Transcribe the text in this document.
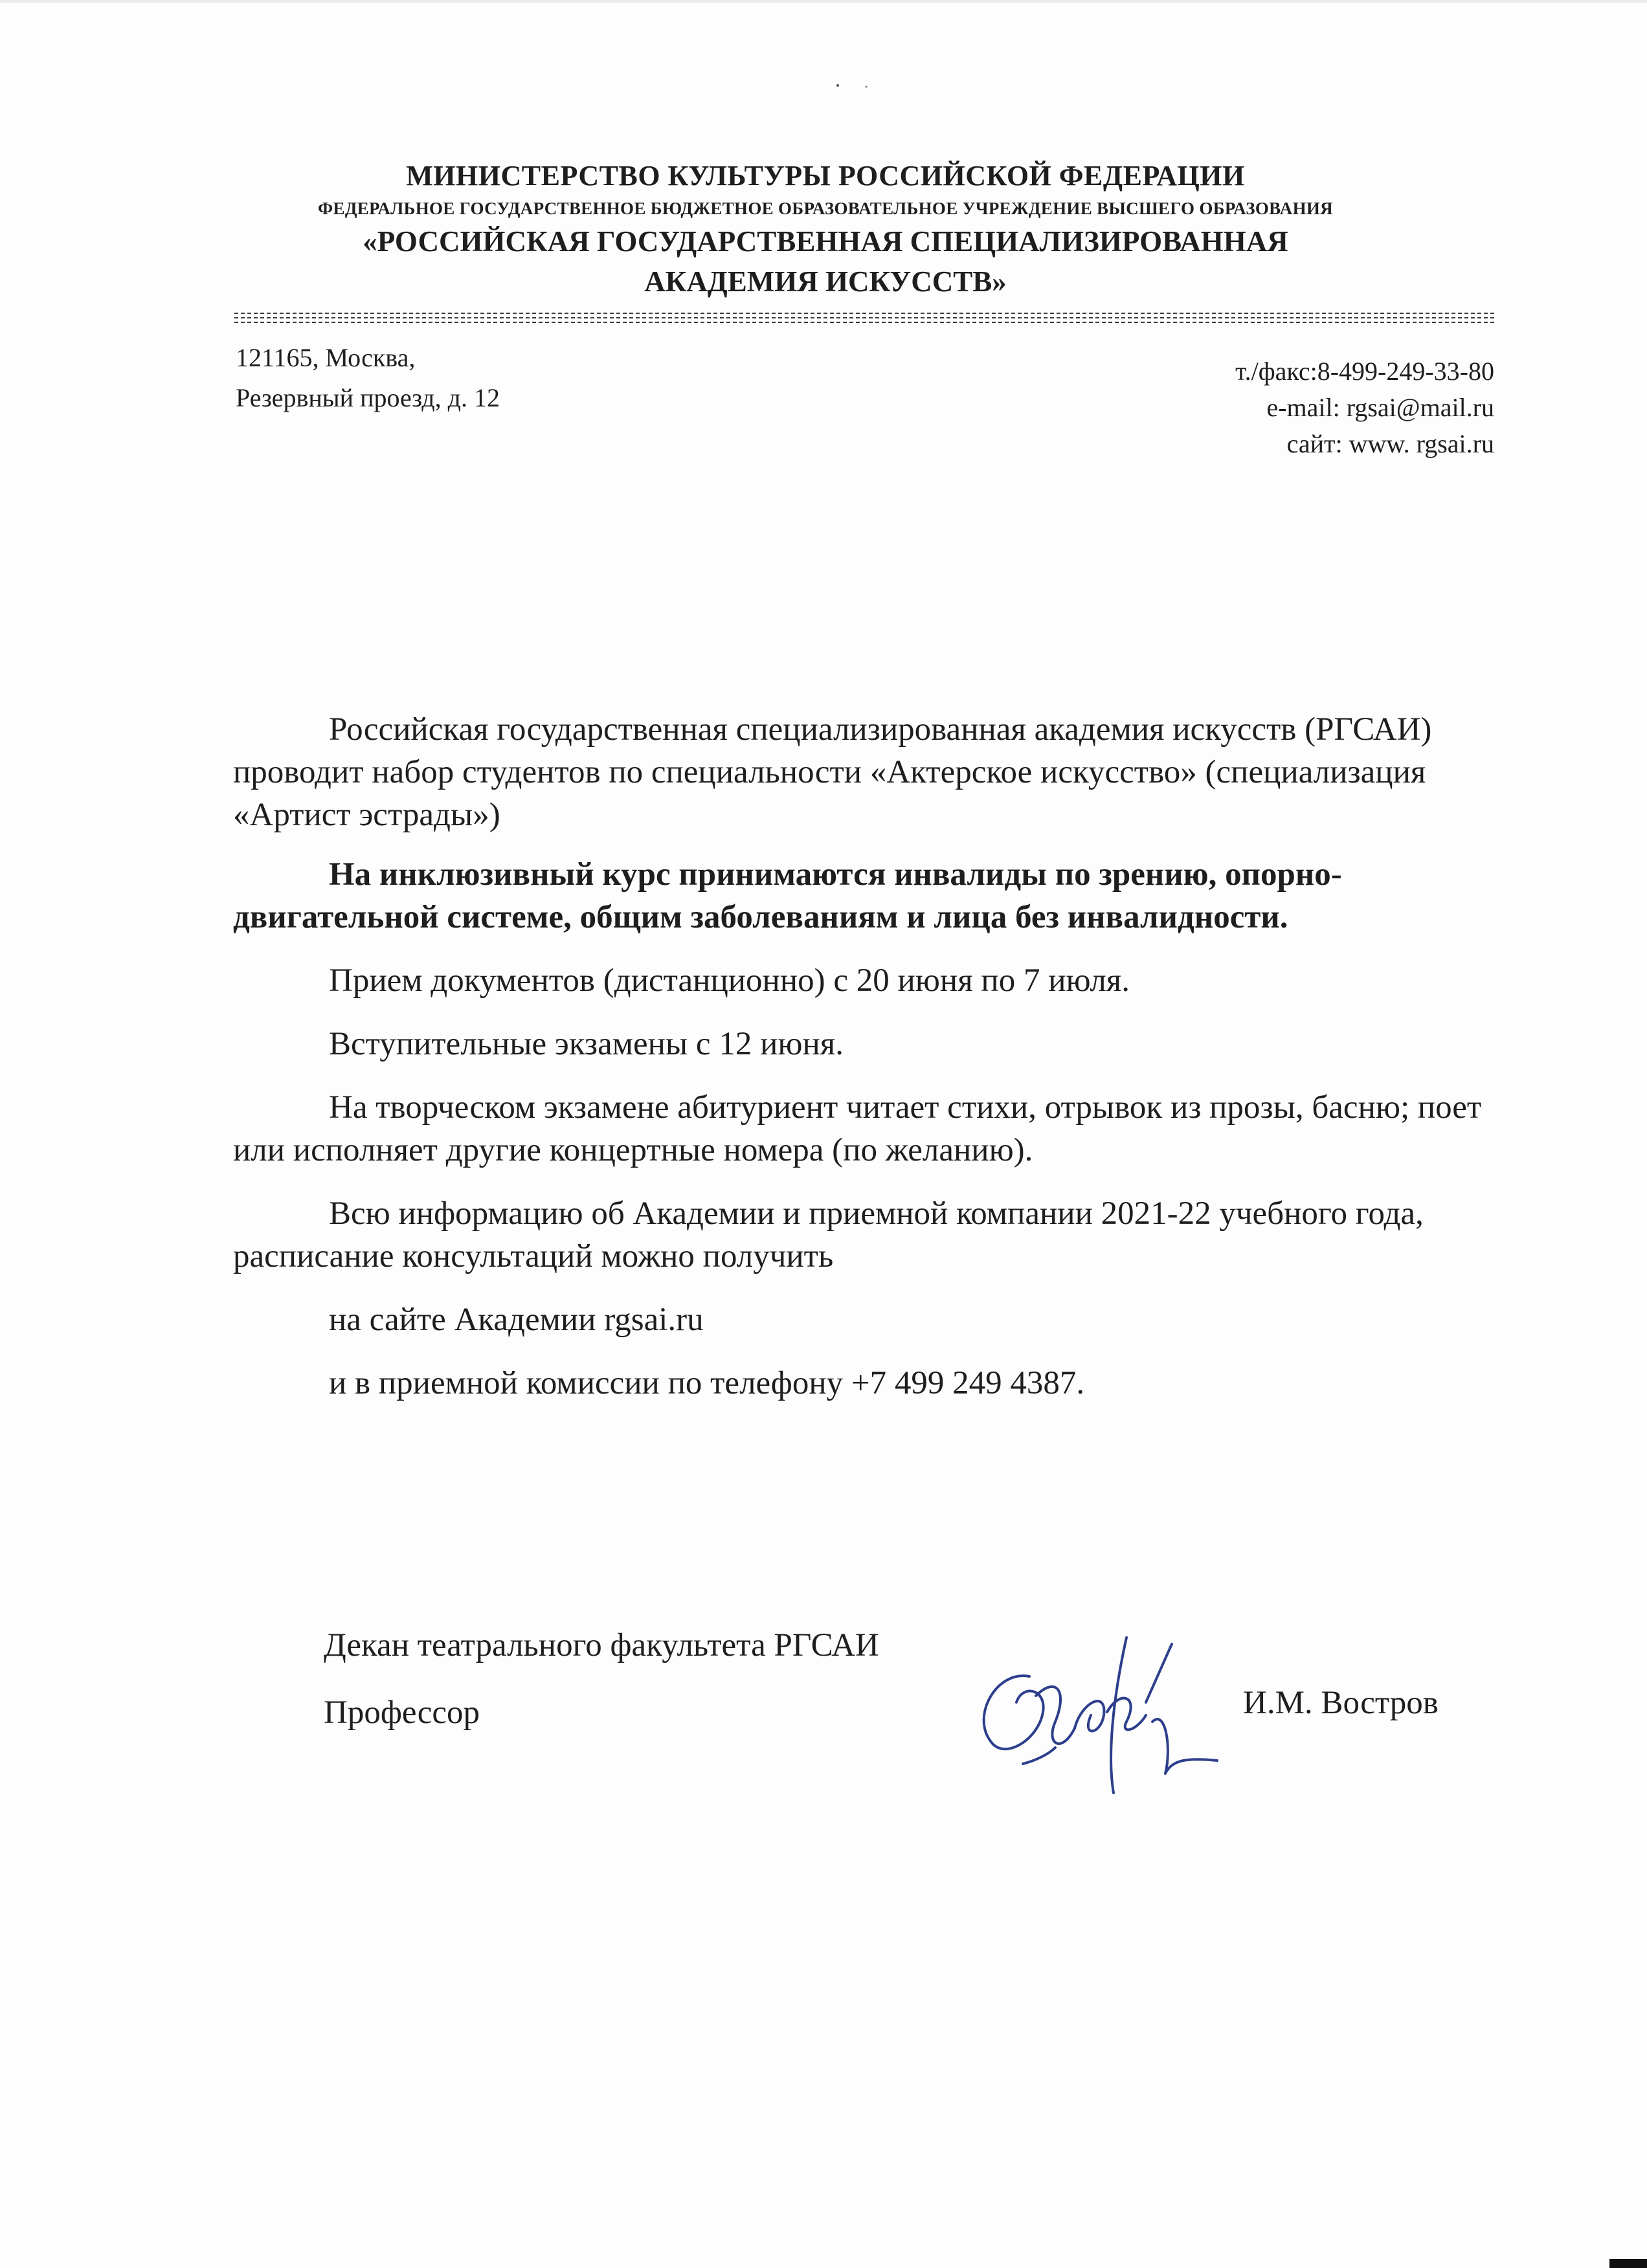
МИНИСТЕРСТВО КУЛЬТУРЫ РОССИЙСКОЙ ФЕДЕРАЦИИ
ФЕДЕРАЛЬНОЕ ГОСУДАРСТВЕННОЕ БЮДЖЕТНОЕ ОБРАЗОВАТЕЛЬНОЕ УЧРЕЖДЕНИЕ ВЫСШЕГО ОБРАЗОВАНИЯ
«РОССИЙСКАЯ ГОСУДАРСТВЕННАЯ СПЕЦИАЛИЗИРОВАННАЯ
АКАДЕМИЯ ИСКУССТВ»
121165, Москва,
Резервный проезд, д. 12
т./факс:8-499-249-33-80
e-mail: rgsai@mail.ru
сайт: www. rgsai.ru

Российская государственная специализированная академия искусств (РГСАИ) проводит набор студентов по специальности «Актерское искусство» (специализация «Артист эстрады»)

На инклюзивный курс принимаются инвалиды по зрению, опорно-двигательной системе, общим заболеваниям и лица без инвалидности.

Прием документов (дистанционно) с 20 июня по 7 июля.

Вступительные экзамены с 12 июня.

На творческом экзамене абитуриент читает стихи, отрывок из прозы, басню; поет или исполняет другие концертные номера (по желанию).

Всю информацию об Академии и приемной компании 2021-22 учебного года, расписание консультаций можно получить

на сайте Академии rgsai.ru

и в приемной комиссии по телефону +7 499 249 4387.

Декан театрального факультета РГСАИ
Профессор	И.М. Востров
